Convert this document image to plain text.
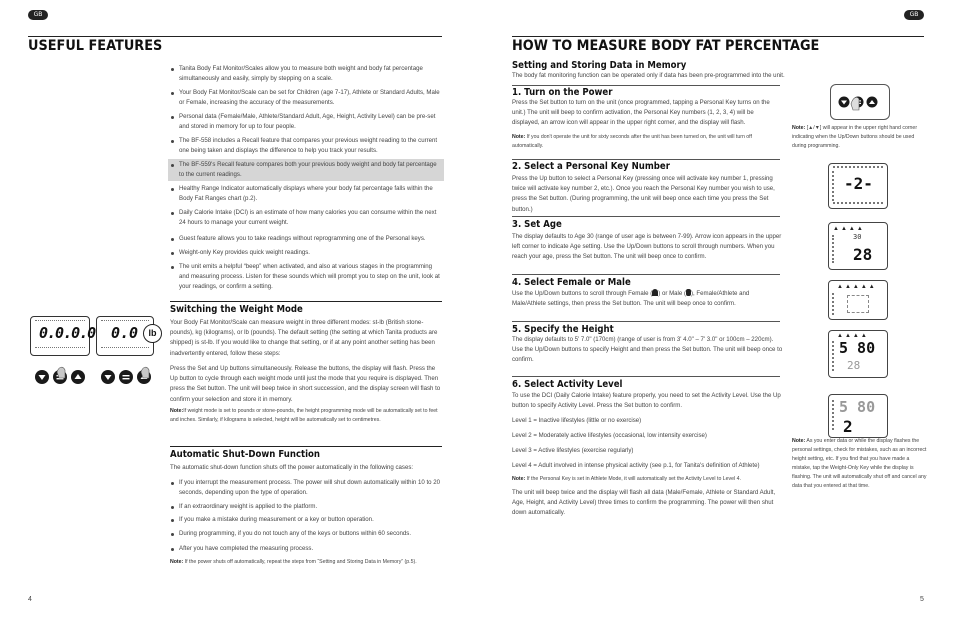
GB	GB
USEFUL FEATURES
Tanita Body Fat Monitor/Scales allow you to measure both weight and body fat percentage simultaneously and easily, simply by stepping on a scale.
Your Body Fat Monitor/Scale can be set for Children (age 7-17), Athlete or Standard Adults, Male or Female, increasing the accuracy of the measurements.
Personal data (Female/Male, Athlete/Standard Adult, Age, Height, Activity Level) can be pre-set and stored in memory for up to four people.
The BF-558 includes a Recall feature that compares your previous weight reading to the current one being taken and displays the difference to help you track your results.
The BF-559's Recall feature compares both your previous body weight and body fat percentage to the current readings.
Healthy Range Indicator automatically displays where your body fat percentage falls within the Body Fat Ranges chart (p.2).
Daily Calorie Intake (DCI) is an estimate of how many calories you can consume within the next 24 hours to manage your current weight.
Guest feature allows you to take readings without reprogramming one of the Personal keys.
Weight-only Key provides quick weight readings.
The unit emits a helpful “beep” when activated, and also at various stages in the programming and measuring process. Listen for these sounds which will prompt you to step on the unit, look at your readings, or confirm a setting.
Switching the Weight Mode
Your Body Fat Monitor/Scale can measure weight in three different modes: st-lb (British stone-pounds), kg (kilograms), or lb (pounds). The default setting (the setting at which Tanita products are shipped) is st-lb. If you would like to change that setting, or if at any point another setting has been inadvertently entered, follow these steps:
Press the Set and Up buttons simultaneously. Release the buttons, the display will flash. Press the Up button to cycle through each weight mode until just the mode that you require is displayed. Then press the Set button. The unit will beep twice in short succession, and the display screen will flash to confirm your selection and store it in memory.
Note:If weight mode is set to pounds or stone-pounds, the height programming mode will be automatically set to feet and inches. Similarly, if kilograms is selected, height will be automatically set to centimetres.
0.0.0.0 0.0	lb
Automatic Shut-Down Function
The automatic shut-down function shuts off the power automatically in the following cases:
If you interrupt the measurement process. The power will shut down automatically within 10 to 20 seconds, depending upon the type of operation.
If an extraordinary weight is applied to the platform.
If you make a mistake during measurement or a key or button operation.
During programming, if you do not touch any of the keys or buttons within 60 seconds.
After you have completed the measuring process.
Note: If the power shuts off automatically, repeat the steps from “Setting and Storing Data in Memory” (p.5).
4
HOW TO MEASURE BODY FAT PERCENTAGE
Setting and Storing Data in Memory
The body fat monitoring function can be operated only if data has been pre-programmed into the unit.
1. Turn on the Power
Press the Set button to turn on the unit (once programmed, tapping a Personal Key turns on the unit.) The unit will beep to confirm activation, the Personal Key numbers (1, 2, 3, 4) will be displayed, an arrow icon will appear in the upper right corner, and the display will flash.
Note: If you don't operate the unit for sixty seconds after the unit has been turned on, the unit will turn off automatically.
2. Select a Personal Key Number
Press the Up button to select a Personal Key (pressing once will activate key number 1, pressing twice will activate key number 2, etc.). Once you reach the Personal Key number you wish to use, press the Set button. (During programming, the unit will beep once each time you press the Set button.)
3. Set Age
The display defaults to Age 30 (range of user age is between 7-99). Arrow icon appears in the upper left corner to indicate Age setting. Use the Up/Down buttons to scroll through numbers. When you reach your age, press the Set button. The unit will beep once to confirm.
4. Select Female or Male
Use the Up/Down buttons to scroll through Female ( ) or Male ( ), Female/Athlete and Male/Athlete settings, then press the Set button. The unit will beep once to confirm.
5. Specify the Height
The display defaults to 5' 7.0" (170cm) (range of user is from 3' 4.0" – 7' 3.0" or 100cm – 220cm). Use the Up/Down buttons to specify Height and then press the Set button. The unit will beep once to confirm.
6. Select Activity Level
To use the DCI (Daily Calorie Intake) feature properly, you need to set the Activity Level. Use the Up button to specify Activity Level. Press the Set button to confirm.
Level 1 = Inactive lifestyles (little or no exercise)
Level 2 = Moderately active lifestyles (occasional, low intensity exercise)
Level 3 = Active lifestyles (exercise regularly)
Level 4 = Adult involved in intense physical activity (see p.1, for Tanita's definition of Athlete)
Note: If the Personal Key is set in Athlete Mode, it will automatically set the Activity Level to Level 4.
The unit will beep twice and the display will flash all data (Male/Female, Athlete or Standard Adult, Age, Height, and Activity Level) three times to confirm the programming. The power will then shut down automatically.
Note: [▲/▼] will appear in the upper right hand corner indicating when the Up/Down buttons should be used during programming.
-2-
▲▲▲▲
30
28
▲▲▲▲▲
▲▲▲▲
5 80
28
5 80
2
Note: As you enter data or while the display flashes the personal settings, check for mistakes, such as an incorrect height setting, etc. If you find that you have made a mistake, tap the Weight-Only Key while the display is flashing. The unit will automatically shut off and cancel any data that you entered at that time.
5
